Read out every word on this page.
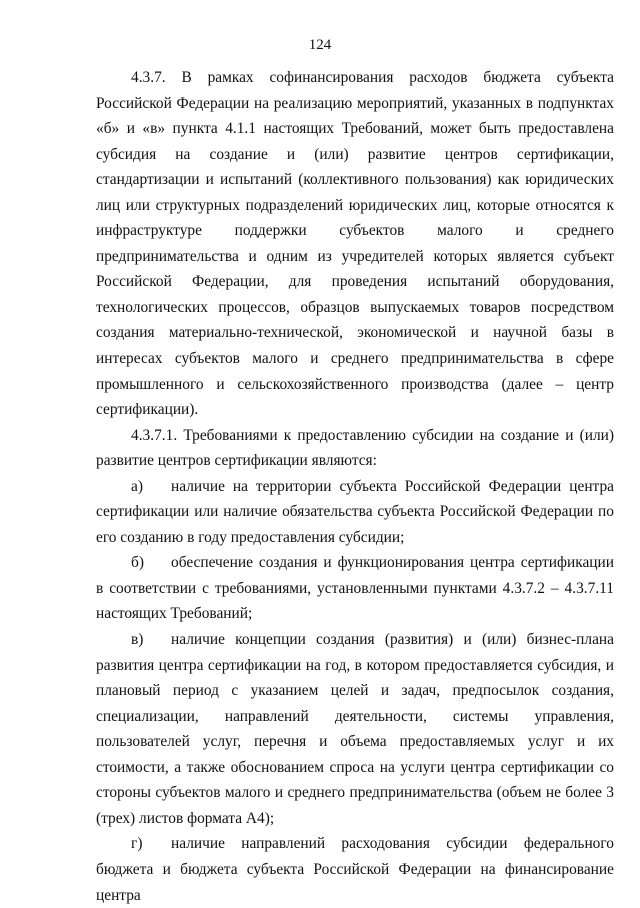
124

4.3.7. В рамках софинансирования расходов бюджета субъекта Российской Федерации на реализацию мероприятий, указанных в подпунктах «б» и «в» пункта 4.1.1 настоящих Требований, может быть предоставлена субсидия на создание и (или) развитие центров сертификации, стандартизации и испытаний (коллективного пользования) как юридических лиц или структурных подразделений юридических лиц, которые относятся к инфраструктуре поддержки субъектов малого и среднего предпринимательства и одним из учредителей которых является субъект Российской Федерации, для проведения испытаний оборудования, технологических процессов, образцов выпускаемых товаров посредством создания материально-технической, экономической и научной базы в интересах субъектов малого и среднего предпринимательства в сфере промышленного и сельскохозяйственного производства (далее – центр сертификации).

4.3.7.1. Требованиями к предоставлению субсидии на создание и (или) развитие центров сертификации являются:

а) наличие на территории субъекта Российской Федерации центра сертификации или наличие обязательства субъекта Российской Федерации по его созданию в году предоставления субсидии;

б) обеспечение создания и функционирования центра сертификации в соответствии с требованиями, установленными пунктами 4.3.7.2 – 4.3.7.11 настоящих Требований;

в) наличие концепции создания (развития) и (или) бизнес-плана развития центра сертификации на год, в котором предоставляется субсидия, и плановый период с указанием целей и задач, предпосылок создания, специализации, направлений деятельности, системы управления, пользователей услуг, перечня и объема предоставляемых услуг и их стоимости, а также обоснованием спроса на услуги центра сертификации со стороны субъектов малого и среднего предпринимательства (объем не более 3 (трех) листов формата А4);

г) наличие направлений расходования субсидии федерального бюджета и бюджета субъекта Российской Федерации на финансирование центра
